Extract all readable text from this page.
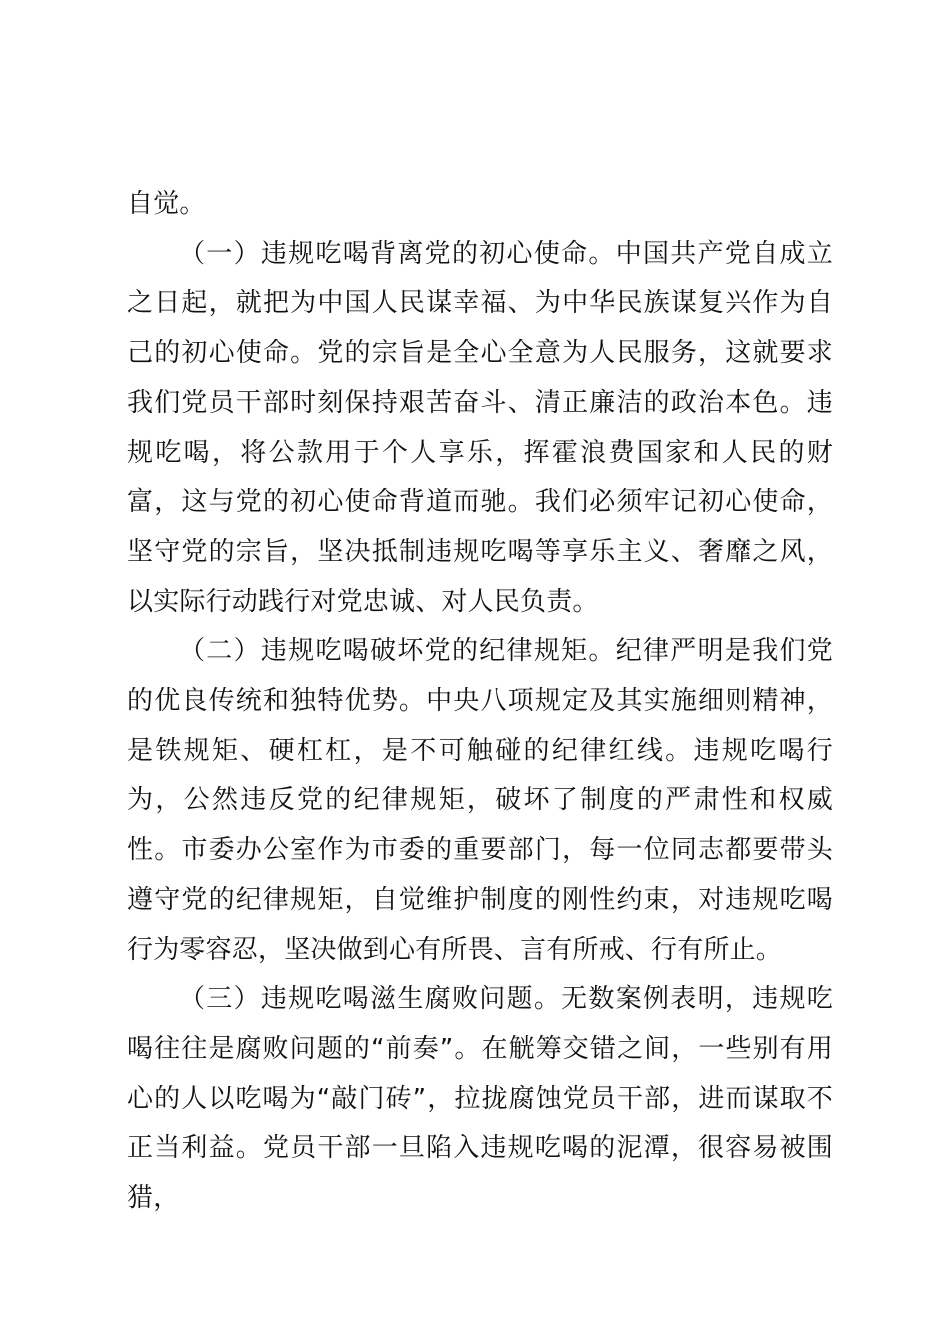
自觉。

（一）违规吃喝背离党的初心使命。中国共产党自成立之日起，就把为中国人民谋幸福、为中华民族谋复兴作为自己的初心使命。党的宗旨是全心全意为人民服务，这就要求我们党员干部时刻保持艰苦奋斗、清正廉洁的政治本色。违规吃喝，将公款用于个人享乐，挥霍浪费国家和人民的财富，这与党的初心使命背道而驰。我们必须牢记初心使命，坚守党的宗旨，坚决抵制违规吃喝等享乐主义、奢靡之风，以实际行动践行对党忠诚、对人民负责。

（二）违规吃喝破坏党的纪律规矩。纪律严明是我们党的优良传统和独特优势。中央八项规定及其实施细则精神，是铁规矩、硬杠杠，是不可触碰的纪律红线。违规吃喝行为，公然违反党的纪律规矩，破坏了制度的严肃性和权威性。市委办公室作为市委的重要部门，每一位同志都要带头遵守党的纪律规矩，自觉维护制度的刚性约束，对违规吃喝行为零容忍，坚决做到心有所畏、言有所戒、行有所止。

（三）违规吃喝滋生腐败问题。无数案例表明，违规吃喝往往是腐败问题的“前奏”。在觥筹交错之间，一些别有用心的人以吃喝为“敲门砖”，拉拢腐蚀党员干部，进而谋取不正当利益。党员干部一旦陷入违规吃喝的泥潭，很容易被围猎，
